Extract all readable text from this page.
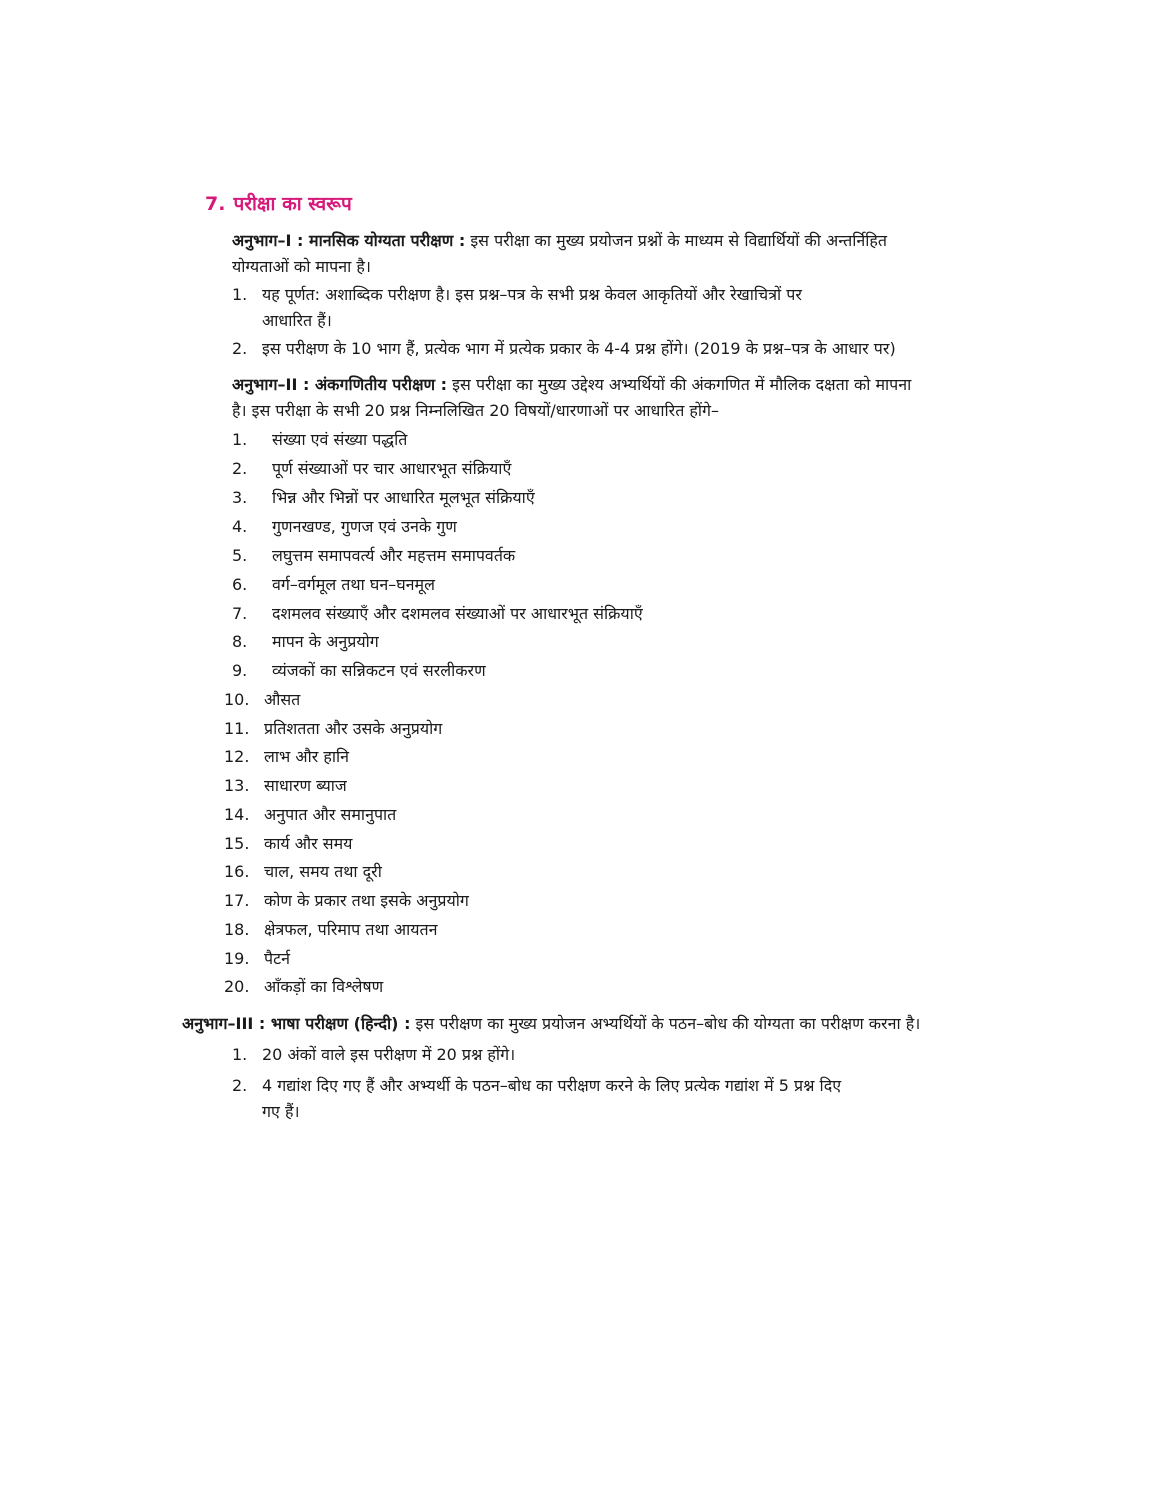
7. परीक्षा का स्वरूप
अनुभाग–I : मानसिक योग्यता परीक्षण : इस परीक्षा का मुख्य प्रयोजन प्रश्नों के माध्यम से विद्यार्थियों की अन्तर्निहित
योग्यताओं को मापना है।
1. यह पूर्णत: अशाब्दिक परीक्षण है। इस प्रश्न–पत्र के सभी प्रश्न केवल आकृतियों और रेखाचित्रों पर
आधारित हैं।
2. इस परीक्षण के 10 भाग हैं, प्रत्येक भाग में प्रत्येक प्रकार के 4-4 प्रश्न होंगे। (2019 के प्रश्न–पत्र के आधार पर)
अनुभाग–II : अंकगणितीय परीक्षण : इस परीक्षा का मुख्य उद्देश्य अभ्यर्थियों की अंकगणित में मौलिक दक्षता को मापना
है। इस परीक्षा के सभी 20 प्रश्न निम्नलिखित 20 विषयों/धारणाओं पर आधारित होंगे–
1.	संख्या एवं संख्या पद्धति
2.	पूर्ण संख्याओं पर चार आधारभूत संक्रियाएँ
3.	भिन्न और भिन्नों पर आधारित मूलभूत संक्रियाएँ
4.	गुणनखण्ड, गुणज एवं उनके गुण
5.	लघुत्तम समापवर्त्य और महत्तम समापवर्तक
6.	वर्ग–वर्गमूल तथा घन–घनमूल
7.	दशमलव संख्याएँ और दशमलव संख्याओं पर आधारभूत संक्रियाएँ
8.	मापन के अनुप्रयोग
9.	व्यंजकों का सन्निकटन एवं सरलीकरण
10. औसत
11. प्रतिशतता और उसके अनुप्रयोग
12. लाभ और हानि
13. साधारण ब्याज
14. अनुपात और समानुपात
15. कार्य और समय
16. चाल, समय तथा दूरी
17. कोण के प्रकार तथा इसके अनुप्रयोग
18. क्षेत्रफल, परिमाप तथा आयतन
19. पैटर्न
20. आँकड़ों का विश्लेषण
अनुभाग–III : भाषा परीक्षण (हिन्दी) : इस परीक्षण का मुख्य प्रयोजन अभ्यर्थियों के पठन–बोध की योग्यता का परीक्षण करना है।
1. 20 अंकों वाले इस परीक्षण में 20 प्रश्न होंगे।
2. 4 गद्यांश दिए गए हैं और अभ्यर्थी के पठन–बोध का परीक्षण करने के लिए प्रत्येक गद्यांश में 5 प्रश्न दिए
गए हैं।
